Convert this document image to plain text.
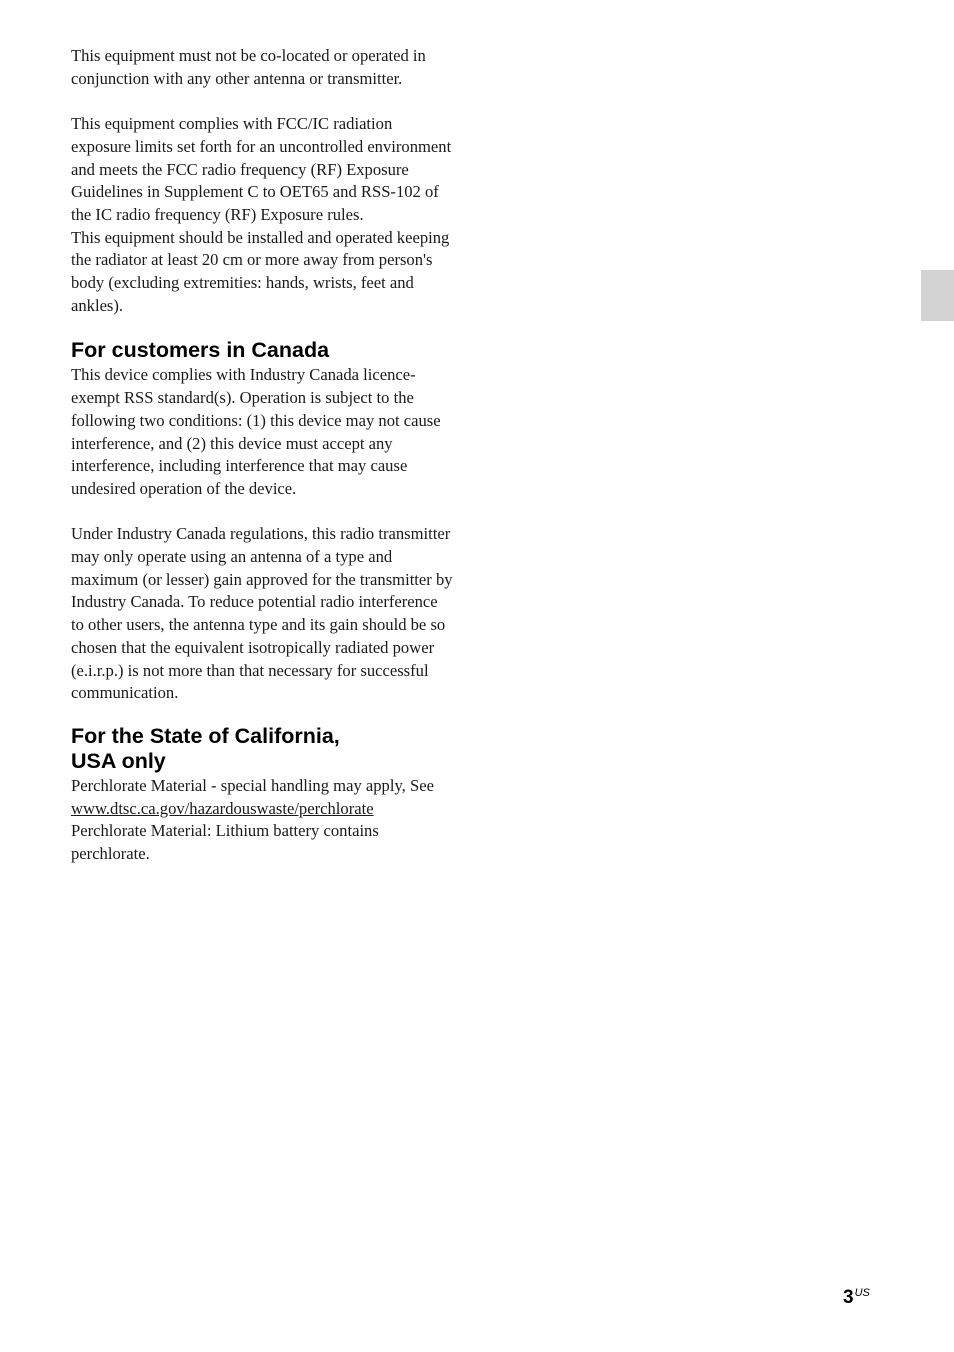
This equipment must not be co-located or operated in conjunction with any other antenna or transmitter.

This equipment complies with FCC/IC radiation exposure limits set forth for an uncontrolled environment and meets the FCC radio frequency (RF) Exposure Guidelines in Supplement C to OET65 and RSS-102 of the IC radio frequency (RF) Exposure rules.

This equipment should be installed and operated keeping the radiator at least 20 cm or more away from person's body (excluding extremities: hands, wrists, feet and ankles).

For customers in Canada

This device complies with Industry Canada licence-exempt RSS standard(s). Operation is subject to the following two conditions: (1) this device may not cause interference, and (2) this device must accept any interference, including interference that may cause undesired operation of the device.

Under Industry Canada regulations, this radio transmitter may only operate using an antenna of a type and maximum (or lesser) gain approved for the transmitter by Industry Canada. To reduce potential radio interference to other users, the antenna type and its gain should be so chosen that the equivalent isotropically radiated power (e.i.r.p.) is not more than that necessary for successful communication.

For the State of California,
USA only

Perchlorate Material - special handling may apply, See

www.dtsc.ca.gov/hazardouswaste/perchlorate

Perchlorate Material: Lithium battery contains perchlorate.

$3^{US}$
